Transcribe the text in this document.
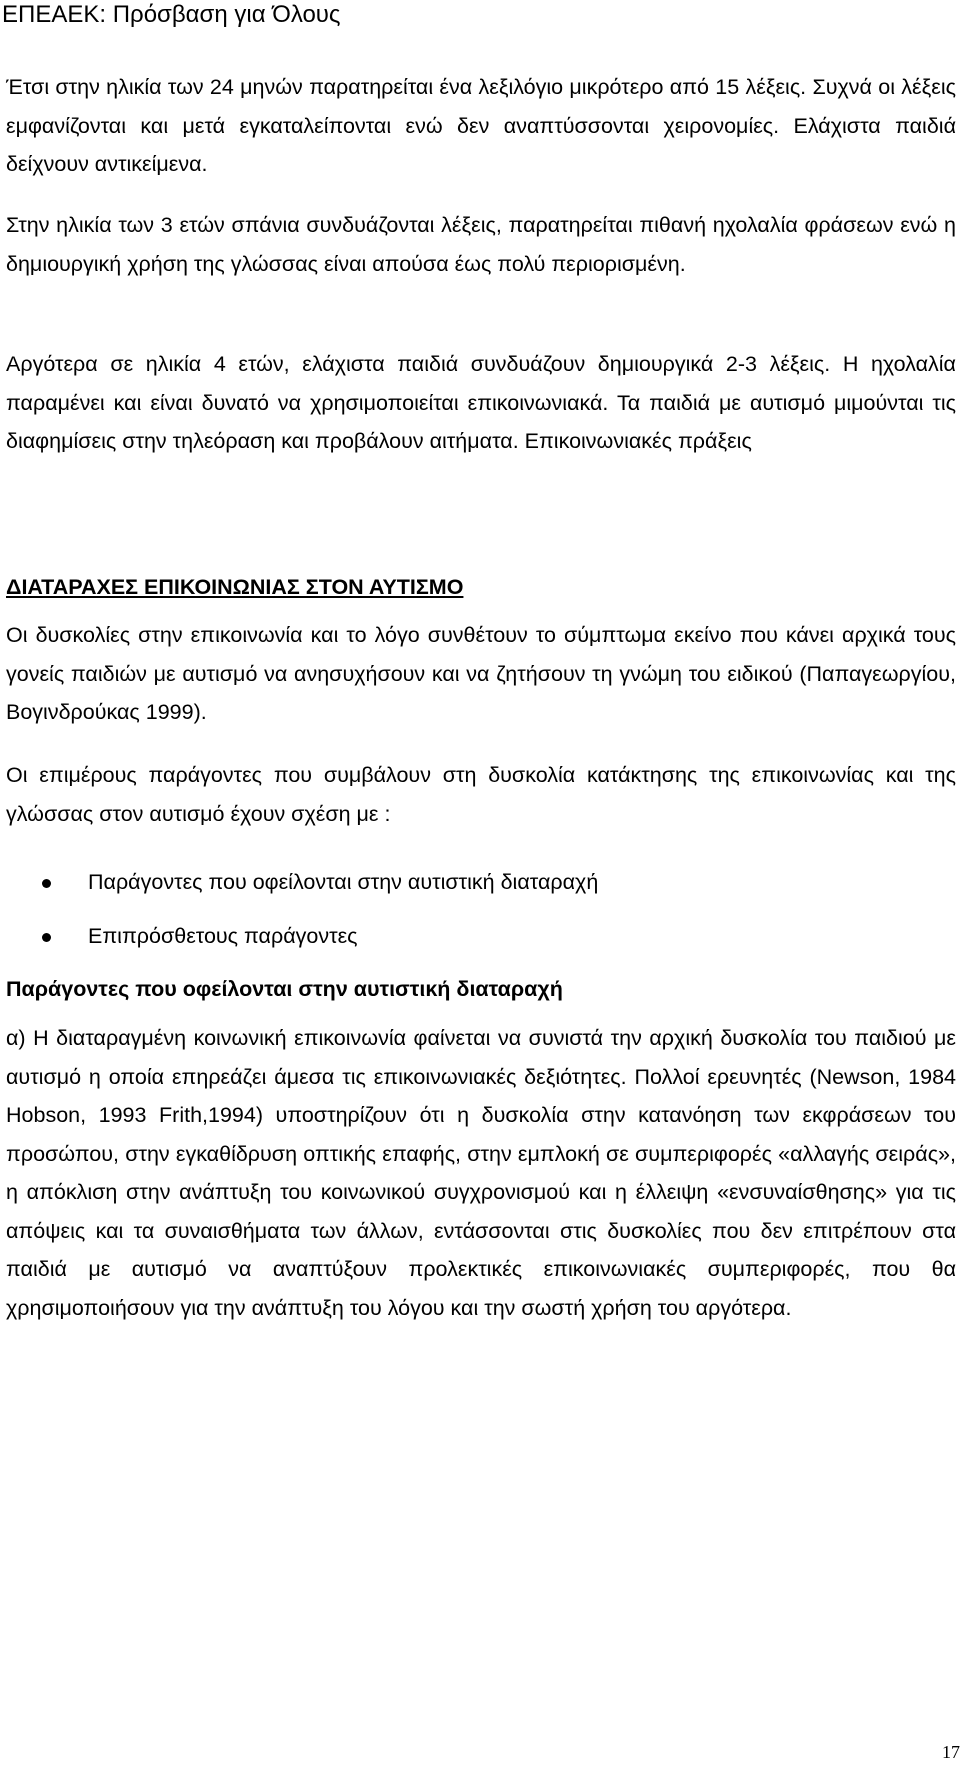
ΕΠΕΑΕΚ: Πρόσβαση για Όλους

Έτσι στην ηλικία των 24 μηνών παρατηρείται ένα λεξιλόγιο μικρότερο από 15 λέξεις. Συχνά οι λέξεις εμφανίζονται και μετά εγκαταλείπονται ενώ δεν αναπτύσσονται χειρονομίες. Ελάχιστα παιδιά δείχνουν αντικείμενα.

Στην ηλικία των 3 ετών σπάνια συνδυάζονται λέξεις, παρατηρείται πιθανή ηχολαλία φράσεων ενώ η δημιουργική χρήση της γλώσσας είναι απούσα έως πολύ περιορισμένη.

Αργότερα σε ηλικία 4 ετών, ελάχιστα παιδιά συνδυάζουν δημιουργικά 2-3 λέξεις. Η ηχολαλία παραμένει και είναι δυνατό να χρησιμοποιείται επικοινωνιακά. Τα παιδιά με αυτισμό μιμούνται τις διαφημίσεις στην τηλεόραση και προβάλουν αιτήματα. Επικοινωνιακές πράξεις

ΔΙΑΤΑΡΑΧΕΣ ΕΠΙΚΟΙΝΩΝΙΑΣ ΣΤΟΝ ΑΥΤΙΣΜΟ

Οι δυσκολίες στην επικοινωνία και το λόγο συνθέτουν το σύμπτωμα εκείνο που κάνει αρχικά τους γονείς παιδιών με αυτισμό να ανησυχήσουν και να ζητήσουν τη γνώμη του ειδικού (Παπαγεωργίου, Βογινδρούκας 1999).

Οι επιμέρους παράγοντες που συμβάλουν στη δυσκολία κατάκτησης της επικοινωνίας και της γλώσσας στον αυτισμό έχουν σχέση με :

Παράγοντες που οφείλονται στην αυτιστική διαταραχή
Επιπρόσθετους παράγοντες

Παράγοντες που οφείλονται στην αυτιστική διαταραχή

α) Η διαταραγμένη κοινωνική επικοινωνία φαίνεται να συνιστά την αρχική δυσκολία του παιδιού με αυτισμό η οποία επηρεάζει άμεσα τις επικοινωνιακές δεξιότητες. Πολλοί ερευνητές (Newson, 1984 Hobson, 1993 Frith,1994) υποστηρίζουν ότι η δυσκολία στην κατανόηση των εκφράσεων του προσώπου, στην εγκαθίδρυση οπτικής επαφής, στην εμπλοκή σε συμπεριφορές «αλλαγής σειράς», η απόκλιση στην ανάπτυξη του κοινωνικού συγχρονισμού και η έλλειψη «ενσυναίσθησης» για τις απόψεις και τα συναισθήματα των άλλων, εντάσσονται στις δυσκολίες που δεν επιτρέπουν στα παιδιά με αυτισμό να αναπτύξουν προλεκτικές επικοινωνιακές συμπεριφορές, που θα χρησιμοποιήσουν για την ανάπτυξη του λόγου και την σωστή χρήση του αργότερα.

17
